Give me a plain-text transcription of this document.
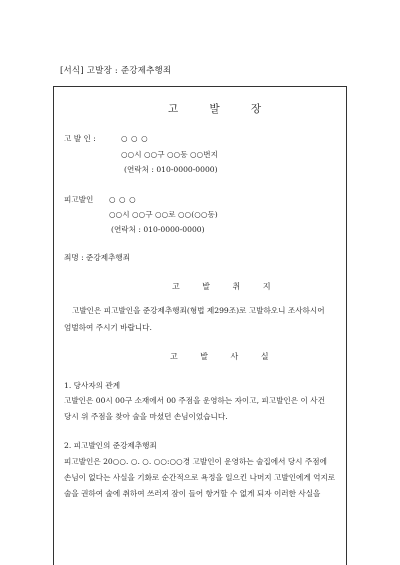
[서식] 고발장 : 준강제추행죄
고 발 장
고 발 인 :	○ ○ ○
○○시 ○○구 ○○동 ○○번지
(연락처 : 010-0000-0000)
피고발인 ○ ○ ○
○○시 ○○구 ○○로 ○○(○○동)
(연락처 : 010-0000-0000)
죄명 : 준강제추행죄
고 발 취 지
고발인은 피고발인을 준강제추행죄(형법 제299조)로 고발하오니 조사하시어
엄벌하여 주시기 바랍니다.
고 발 사 실
1. 당사자의 관계
고발인은 00시 00구 소재에서 00 주점을 운영하는 자이고, 피고발인은 이 사건
당시 위 주점을 찾아 술을 마셨던 손님이었습니다.
2. 피고발인의 준강제추행죄
피고발인은 20○○. ○. ○. ○○:○○경 고발인이 운영하는 술집에서 당시 주점에
손님이 없다는 사실을 기화로 순간적으로 욕정을 일으킨 나머지 고발인에게 억지로
술을 권하여 술에 취하여 쓰러져 잠이 들어 항거할 수 없게 되자 이러한 사실을
